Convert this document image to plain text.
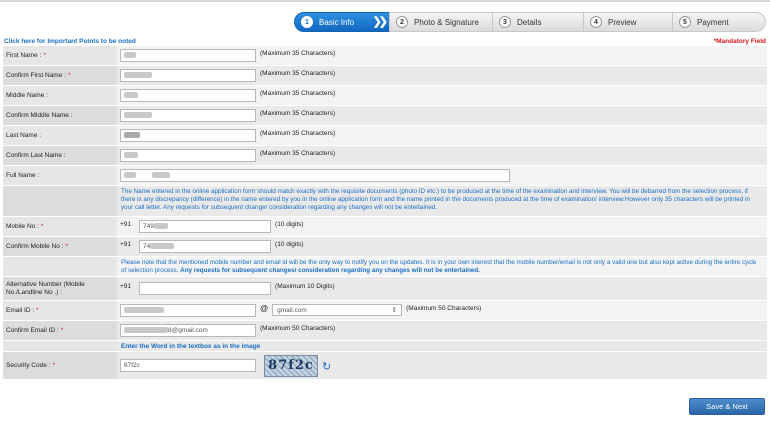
1	Basic Info ❯❯	2	Photo & Signature	3	Details	4	Preview	5	Payment
Click here for Important Points to be noted	*Mandatory Field
First Name : *	(Maximum 35 Characters)
Confirm First Name : *	(Maximum 35 Characters)
Middle Name :	(Maximum 35 Characters)
Confirm Middle Name :	(Maximum 35 Characters)
Last Name :	(Maximum 35 Characters)
Confirm Last Name :	(Maximum 35 Characters)
Full Name :

The Name entered in the online application form should match exactly with the requisite documents (photo ID etc.) to be produced at the time of the examination and interview. You will be debarred from the selection process, if there is any discrepancy (difference) in the name entered by you in the online application form and the name printed in the documents produced at the time of examination/ interview.However only 35 characters will be printed in your call letter. Any requests for subsequent change/ consideration regarding any changes will not be entertained.
Mobile No : *	+91	749	(10 digits)
Confirm Mobile No : *	+91	74	(10 digits)
Please note that the mentioned mobile number and email id will be the only way to notify you on the updates. It is in your own interest that the mobile number/email is not only a valid one but also kept active during the entire cycle of selection process. Any requests for subsequent changes/ consideration regarding any changes will not be entertained.
Alternative Number (Mobile No./Landline No .) :
+91	(Maximum 10 Digits)
Email ID : *	@ gmail.com	⇕ (Maximum 50 Characters)
Confirm Email ID : *	8@gmail.com	(Maximum 50 Characters)
Enter the Word in the textbox as in the image
Security Code : *	87f2c	87f2c ↻
Save & Next
